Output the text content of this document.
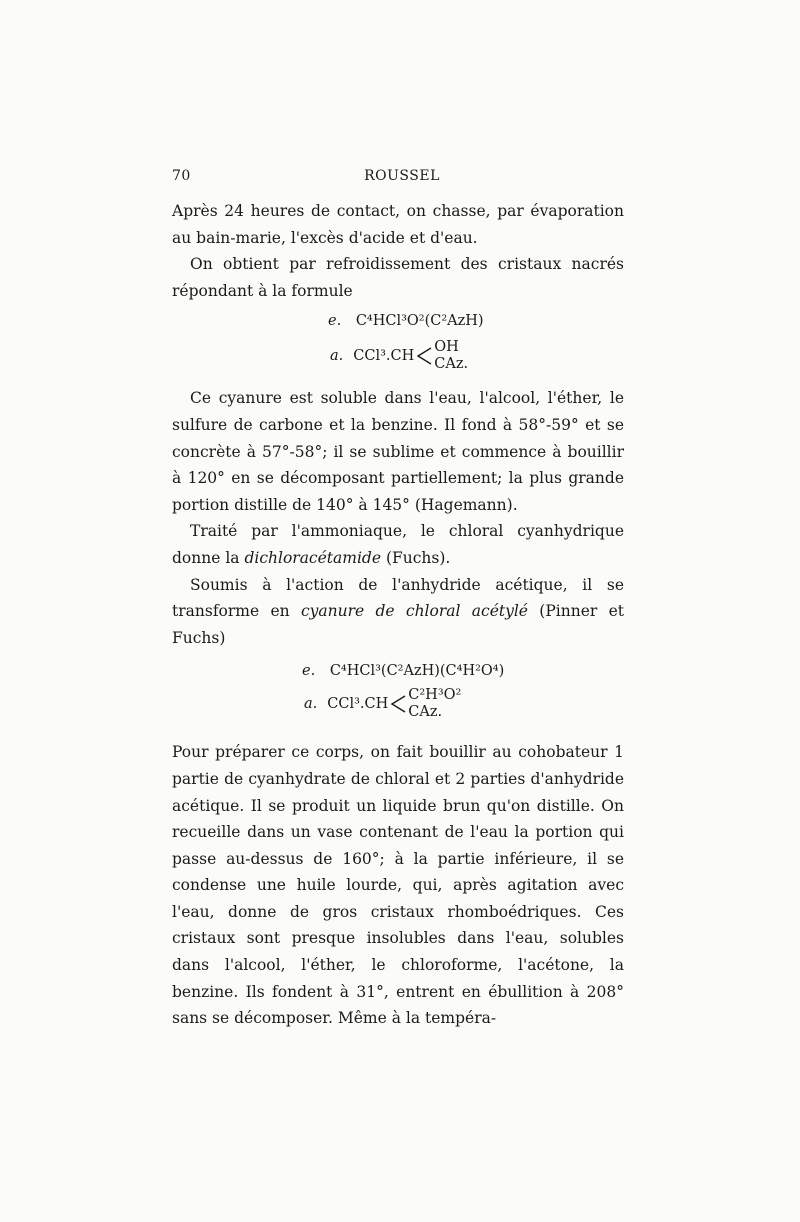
70	ROUSSEL

Après 24 heures de contact, on chasse, par évaporation au bain-marie, l'excès d'acide et d'eau.

On obtient par refroidissement des cristaux nacrés répondant à la formule

e. C⁴HCl³O²(C²AzH)
a. CCl³.CH
OH
CAz.

Ce cyanure est soluble dans l'eau, l'alcool, l'éther, le sulfure de carbone et la benzine. Il fond à 58°-59° et se concrète à 57°-58°; il se sublime et commence à bouillir à 120° en se décomposant partiellement; la plus grande portion distille de 140° à 145° (Hagemann).

Traité par l'ammoniaque, le chloral cyanhydrique donne la dichloracétamide (Fuchs).

Soumis à l'action de l'anhydride acétique, il se transforme en cyanure de chloral acétylé (Pinner et Fuchs)

e. C⁴HCl³(C²AzH)(C⁴H²O⁴)
a. CCl³.CH
C²H³O²
CAz.

Pour préparer ce corps, on fait bouillir au cohobateur 1 partie de cyanhydrate de chloral et 2 parties d'anhydride acétique. Il se produit un liquide brun qu'on distille. On recueille dans un vase contenant de l'eau la portion qui passe au-dessus de 160°; à la partie inférieure, il se condense une huile lourde, qui, après agitation avec l'eau, donne de gros cristaux rhomboédriques. Ces cristaux sont presque insolubles dans l'eau, solubles dans l'alcool, l'éther, le chloroforme, l'acétone, la benzine. Ils fondent à 31°, entrent en ébullition à 208° sans se décomposer. Même à la tempéra-
